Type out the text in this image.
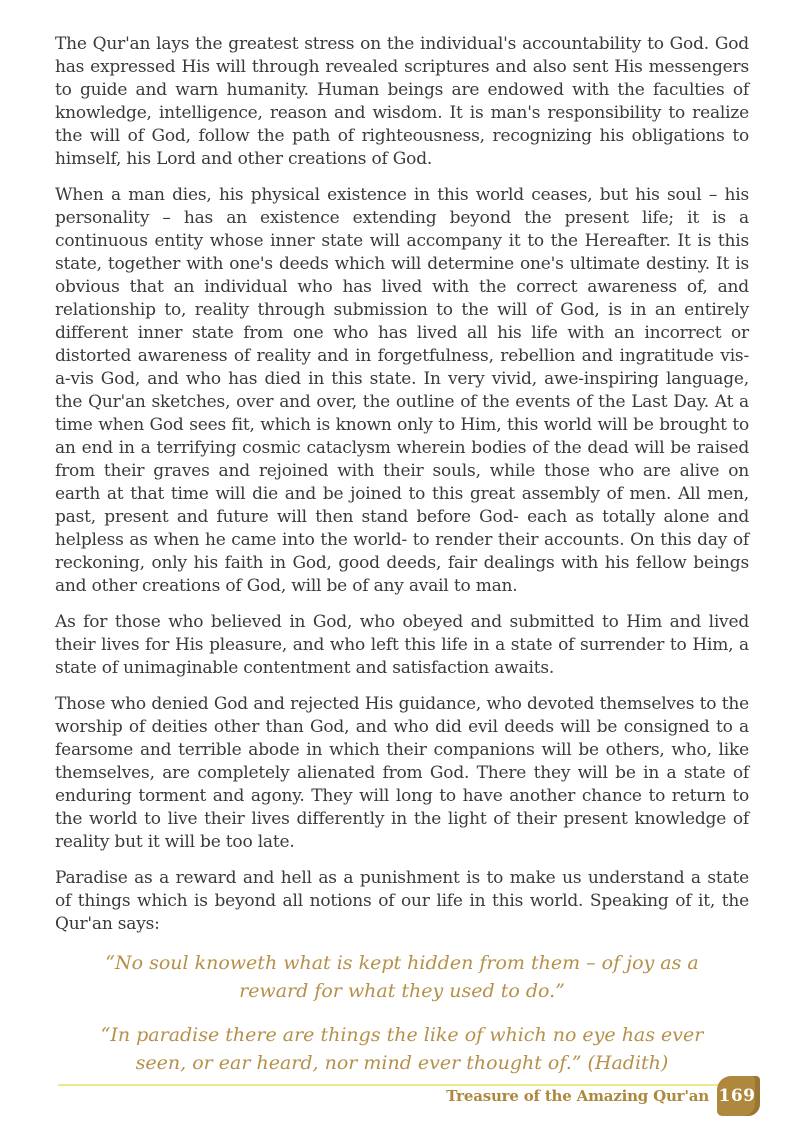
The Qur'an lays the greatest stress on the individual's accountability to God. God has expressed His will through revealed scriptures and also sent His messengers to guide and warn humanity. Human beings are endowed with the faculties of knowledge, intelligence, reason and wisdom. It is man's responsibility to realize the will of God, follow the path of righteousness, recognizing his obligations to himself, his Lord and other creations of God.

When a man dies, his physical existence in this world ceases, but his soul – his personality – has an existence extending beyond the present life; it is a continuous entity whose inner state will accompany it to the Hereafter. It is this state, together with one's deeds which will determine one's ultimate destiny. It is obvious that an individual who has lived with the correct awareness of, and relationship to, reality through submission to the will of God, is in an entirely different inner state from one who has lived all his life with an incorrect or distorted awareness of reality and in forgetfulness, rebellion and ingratitude vis-a-vis God, and who has died in this state. In very vivid, awe-inspiring language, the Qur'an sketches, over and over, the outline of the events of the Last Day. At a time when God sees fit, which is known only to Him, this world will be brought to an end in a terrifying cosmic cataclysm wherein bodies of the dead will be raised from their graves and rejoined with their souls, while those who are alive on earth at that time will die and be joined to this great assembly of men. All men, past, present and future will then stand before God- each as totally alone and helpless as when he came into the world- to render their accounts. On this day of reckoning, only his faith in God, good deeds, fair dealings with his fellow beings and other creations of God, will be of any avail to man.

As for those who believed in God, who obeyed and submitted to Him and lived their lives for His pleasure, and who left this life in a state of surrender to Him, a state of unimaginable contentment and satisfaction awaits.

Those who denied God and rejected His guidance, who devoted themselves to the worship of deities other than God, and who did evil deeds will be consigned to a fearsome and terrible abode in which their companions will be others, who, like themselves, are completely alienated from God. There they will be in a state of enduring torment and agony. They will long to have another chance to return to the world to live their lives differently in the light of their present knowledge of reality but it will be too late.

Paradise as a reward and hell as a punishment is to make us understand a state of things which is beyond all notions of our life in this world. Speaking of it, the Qur'an says:

“No soul knoweth what is kept hidden from them – of joy as a reward for what they used to do.”

“In paradise there are things the like of which no eye has ever seen, or ear heard, nor mind ever thought of.” (Hadith)

Treasure of the Amazing Qur'an 169
